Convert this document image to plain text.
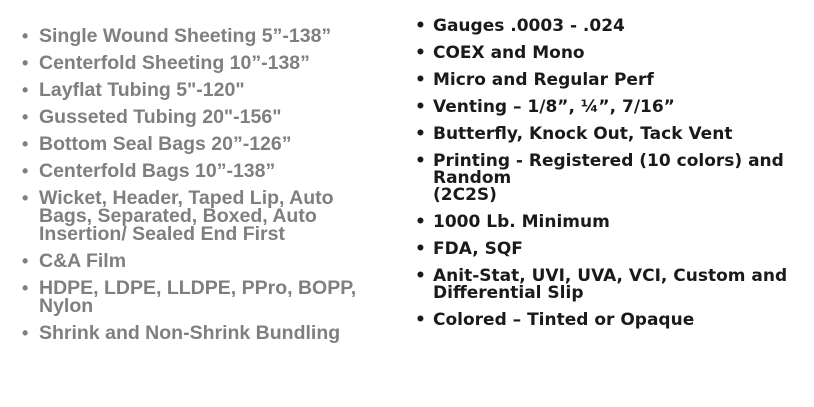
• Single Wound Sheeting 5”-138”
• Centerfold Sheeting 10”-138”
• Layflat Tubing 5"-120"
• Gusseted Tubing 20"-156"
• Bottom Seal Bags 20”-126”
• Centerfold Bags 10”-138”
• Wicket, Header, Taped Lip, Auto Bags, Separated, Boxed, Auto Insertion/ Sealed End First
• C&A Film
• HDPE, LDPE, LLDPE, PPro, BOPP, Nylon
• Shrink and Non-Shrink Bundling
• Gauges .0003 - .024
• COEX and Mono
• Micro and Regular Perf
• Venting – 1/8”, ¼”, 7/16”
• Butterfly, Knock Out, Tack Vent
• Printing - Registered (10 colors) and Random
(2C2S)
• 1000 Lb. Minimum
• FDA, SQF
• Anit-Stat, UVI, UVA, VCI, Custom and
Differential Slip
• Colored – Tinted or Opaque
